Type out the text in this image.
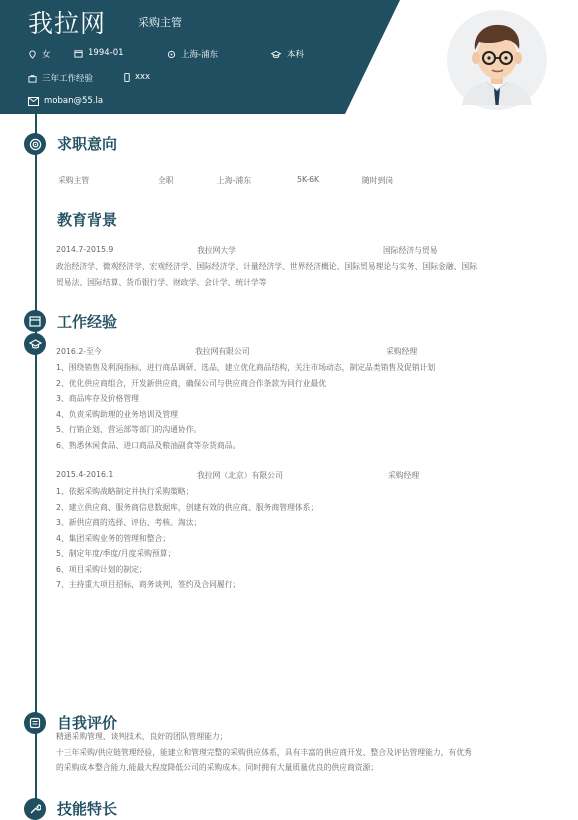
我拉网	采购主管
女	1994-01	上海-浦东	本科
三年工作经验	xxx
moban@55.la
求职意向
采购主管	全职	上海-浦东	5K-6K	随时到岗
教育背景
2014.7-2015.9	我拉网大学	国际经济与贸易
政治经济学、微观经济学、宏观经济学、国际经济学、计量经济学、世界经济概论、国际贸易理论与实务、国际金融、国际
贸易法、国际结算、货币银行学、财政学、会计学、统计学等
工作经验
2016.2-至今	我拉网有限公司	采购经理
1、围绕销售及利润指标，进行商品调研、选品，建立优化商品结构，关注市场动态，制定品类销售及促销计划
2、优化供应商组合，开发新供应商，确保公司与供应商合作条款为同行业最优
3、商品库存及价格管理
4、负责采购助理的业务培训及管理
5、行销企划、营运部等部门的沟通协作。
6、熟悉休闲食品、进口商品及粮油副食等杂货商品。
2015.4-2016.1	我拉网（北京）有限公司	采购经理
1、依据采购战略制定并执行采购策略；
2、建立供应商、服务商信息数据库，创建有效的供应商、服务商管理体系；
3、新供应商的选择、评估、考核、淘汰；
4、集团采购业务的管理和整合；
5、制定年度/季度/月度采购预算；
6、项目采购计划的制定；
7、主持重大项目招标，商务谈判，签约及合同履行；
自我评价
精通采购管理、谈判技术，良好的团队管理能力；
十三年采购/供应链管理经验，能建立和管理完整的采购供应体系，具有丰富的供应商开发、整合及评估管理能力，有优秀
的采购成本整合能力,能最大程度降低公司的采购成本。同时拥有大量质量优良的供应商资源；
技能特长
